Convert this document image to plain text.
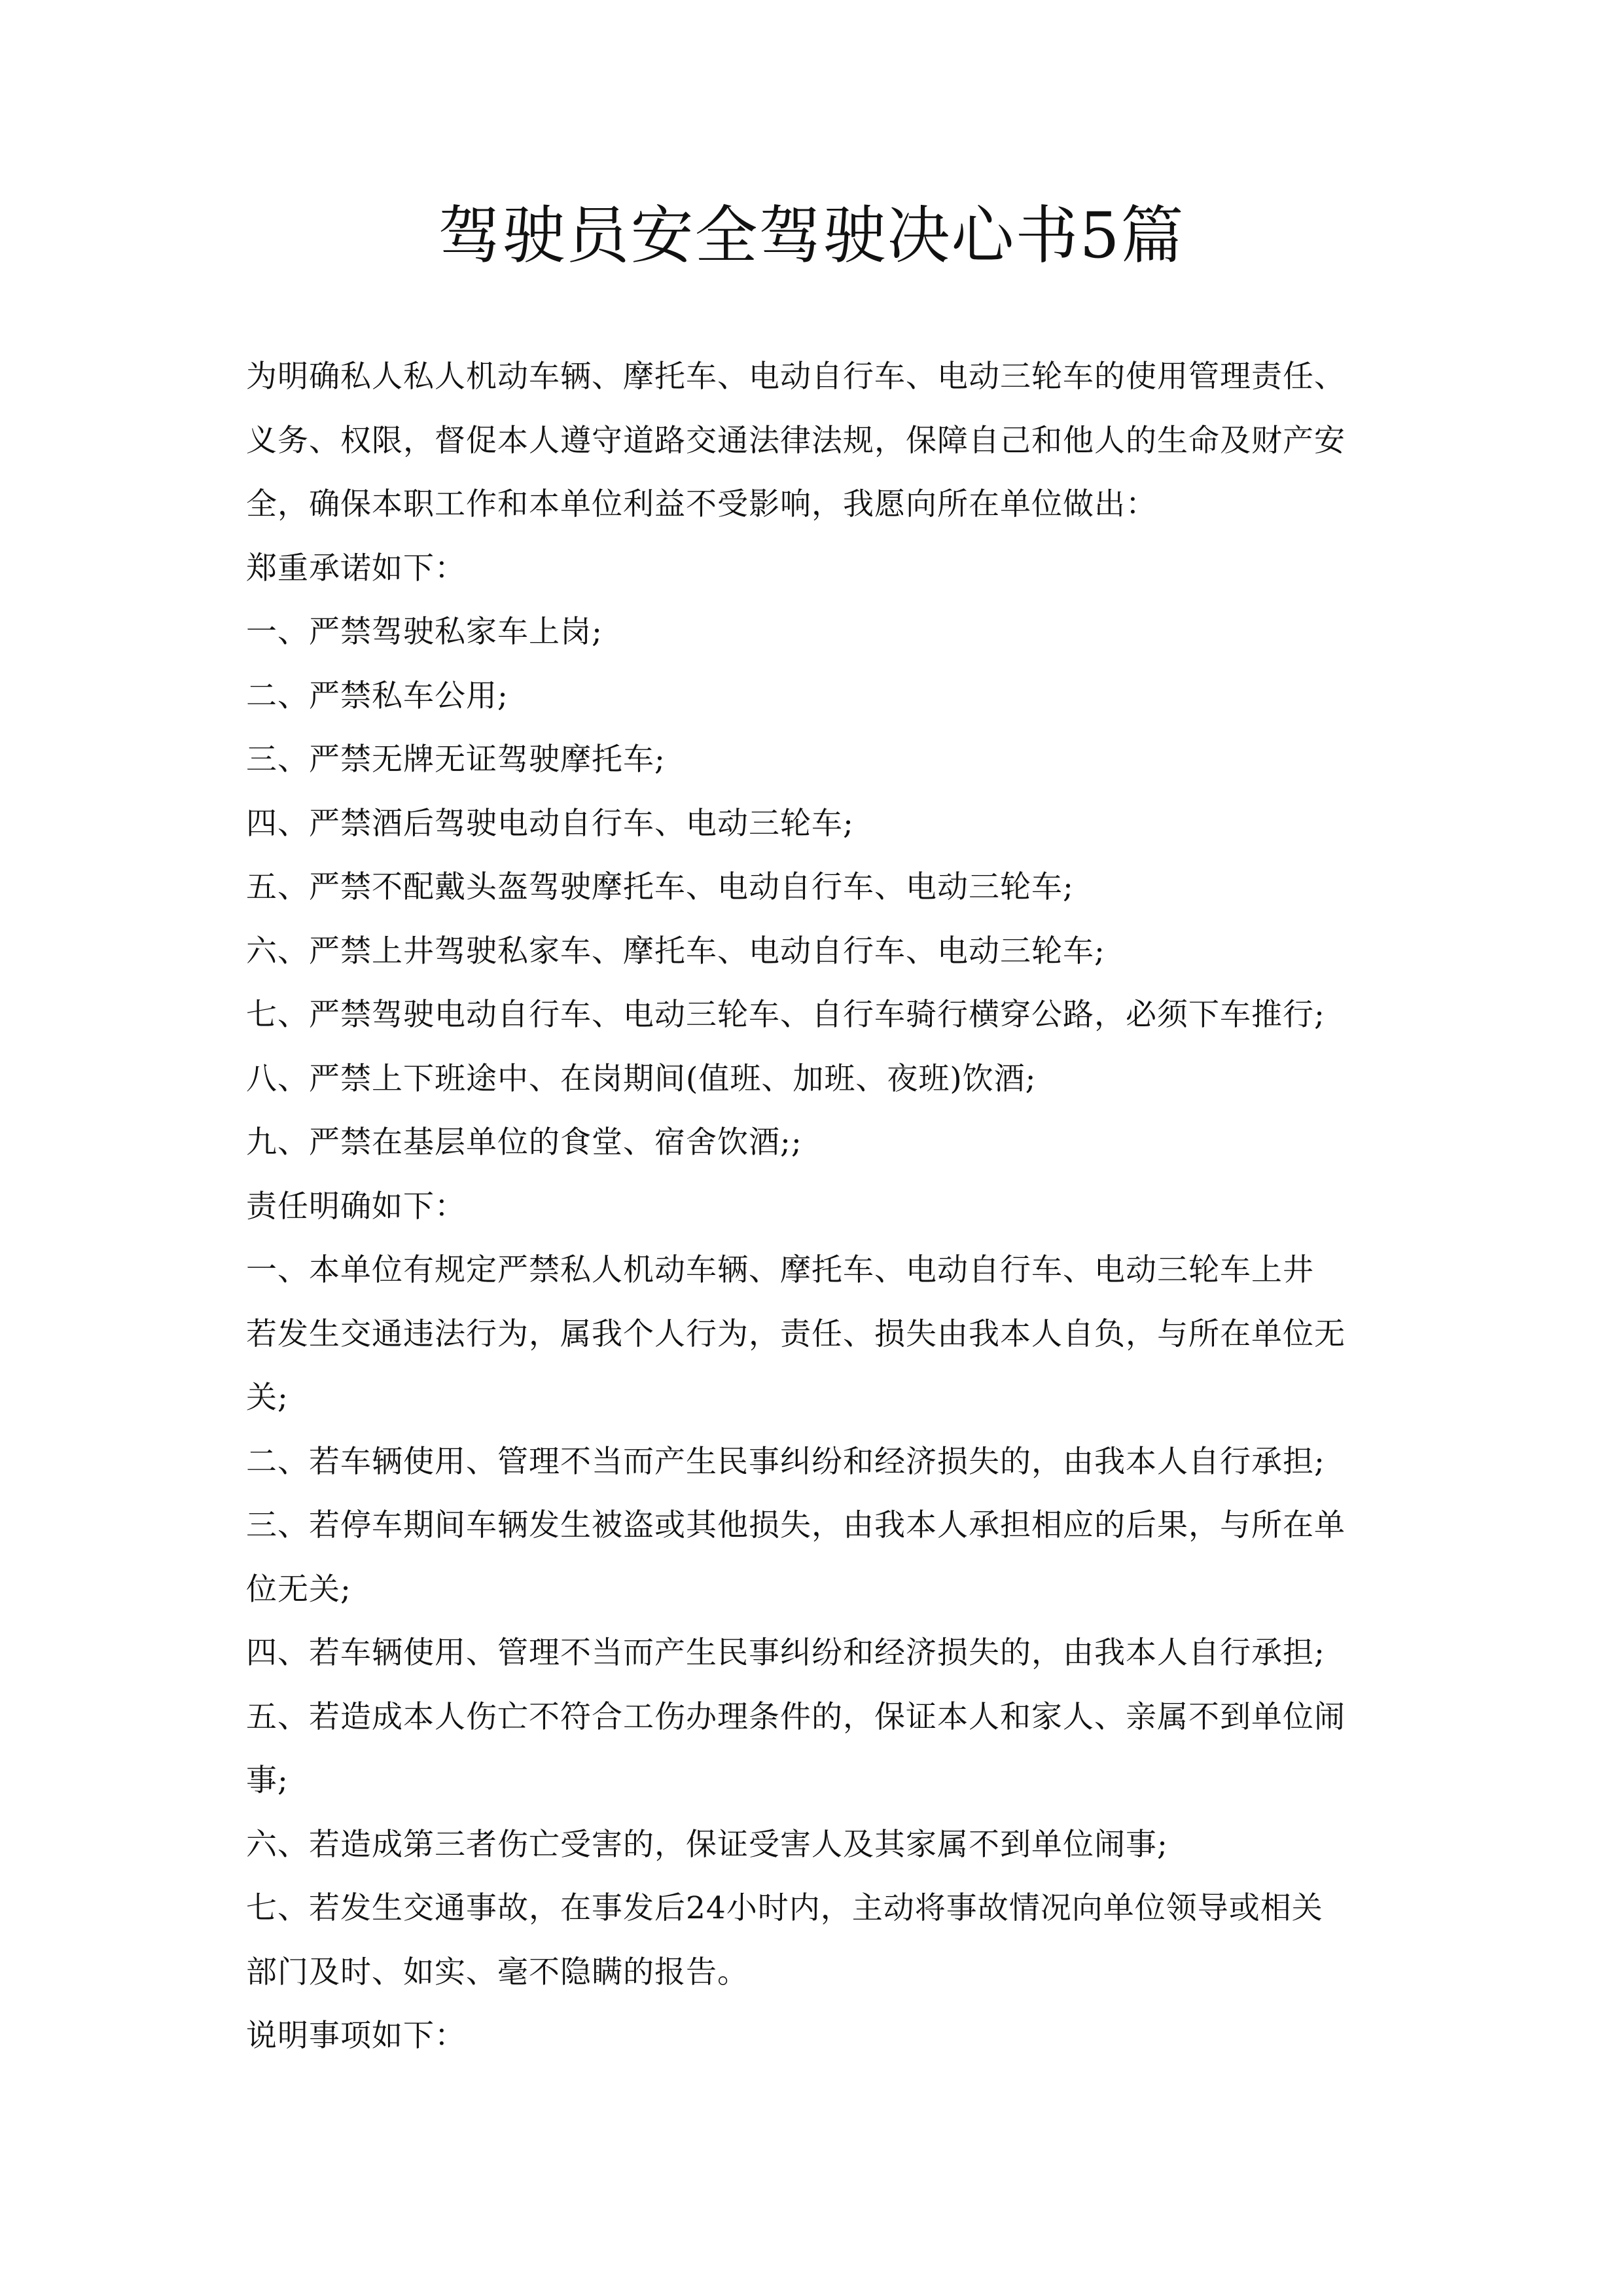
驾驶员安全驾驶决心书5篇
为明确私人私人机动车辆、摩托车、电动自行车、电动三轮车的使用管理责任、
义务、权限，督促本人遵守道路交通法律法规，保障自己和他人的生命及财产安
全，确保本职工作和本单位利益不受影响，我愿向所在单位做出：
郑重承诺如下：
一、严禁驾驶私家车上岗;
二、严禁私车公用;
三、严禁无牌无证驾驶摩托车;
四、严禁酒后驾驶电动自行车、电动三轮车;
五、严禁不配戴头盔驾驶摩托车、电动自行车、电动三轮车;
六、严禁上井驾驶私家车、摩托车、电动自行车、电动三轮车;
七、严禁驾驶电动自行车、电动三轮车、自行车骑行横穿公路，必须下车推行;
八、严禁上下班途中、在岗期间(值班、加班、夜班)饮酒;
九、严禁在基层单位的食堂、宿舍饮酒;;
责任明确如下：
一、本单位有规定严禁私人机动车辆、摩托车、电动自行车、电动三轮车上井
若发生交通违法行为，属我个人行为，责任、损失由我本人自负，与所在单位无
关;
二、若车辆使用、管理不当而产生民事纠纷和经济损失的，由我本人自行承担;
三、若停车期间车辆发生被盗或其他损失，由我本人承担相应的后果，与所在单
位无关;
四、若车辆使用、管理不当而产生民事纠纷和经济损失的，由我本人自行承担;
五、若造成本人伤亡不符合工伤办理条件的，保证本人和家人、亲属不到单位闹
事;
六、若造成第三者伤亡受害的，保证受害人及其家属不到单位闹事;
七、若发生交通事故，在事发后24小时内，主动将事故情况向单位领导或相关
部门及时、如实、毫不隐瞒的报告。
说明事项如下：
